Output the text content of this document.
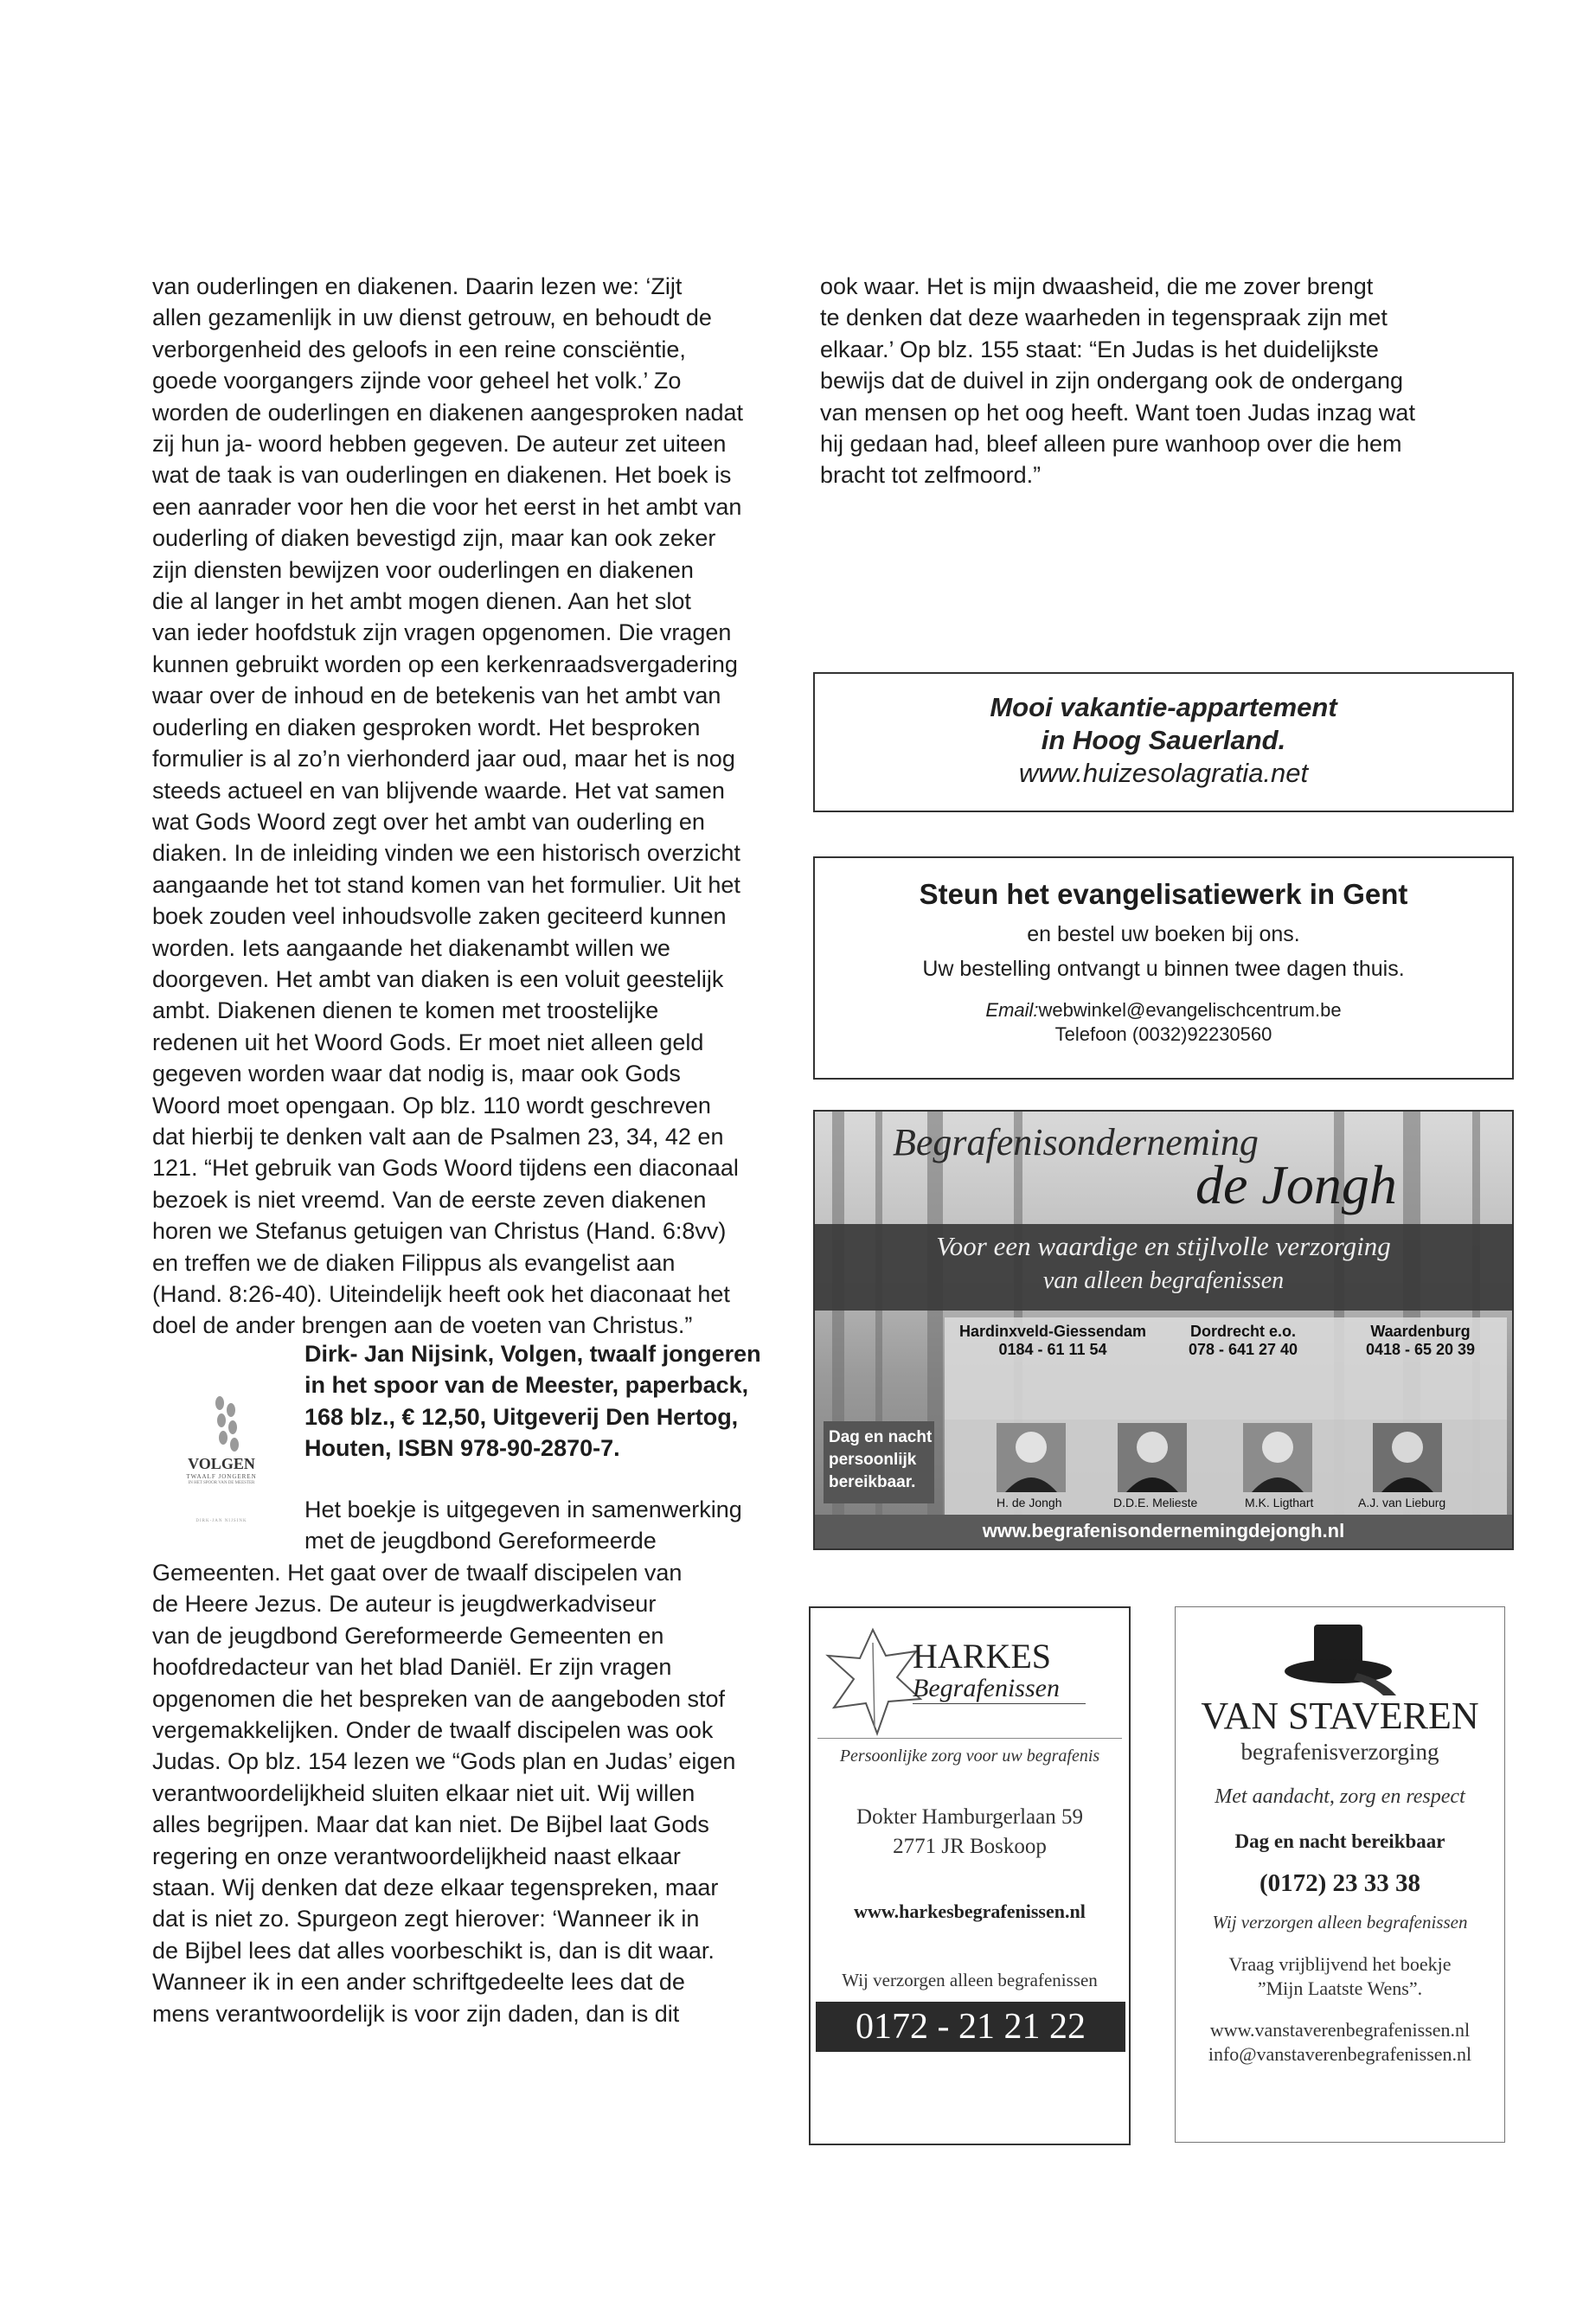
van ouderlingen en diakenen. Daarin lezen we: ‘Zijt
allen gezamenlijk in uw dienst getrouw, en behoudt de
verborgenheid des geloofs in een reine consciëntie,
goede voorgangers zijnde voor geheel het volk.’ Zo
worden de ouderlingen en diakenen aangesproken nadat
zij hun ja- woord hebben gegeven. De auteur zet uiteen
wat de taak is van ouderlingen en diakenen. Het boek is
een aanrader voor hen die voor het eerst in het ambt van
ouderling of diaken bevestigd zijn, maar kan ook zeker
zijn diensten bewijzen voor ouderlingen en diakenen
die al langer in het ambt mogen dienen. Aan het slot
van ieder hoofdstuk zijn vragen opgenomen. Die vragen
kunnen gebruikt worden op een kerkenraadsvergadering
waar over de inhoud en de betekenis van het ambt van
ouderling en diaken gesproken wordt. Het besproken
formulier is al zo’n vierhonderd jaar oud, maar het is nog
steeds actueel en van blijvende waarde. Het vat samen
wat Gods Woord zegt over het ambt van ouderling en
diaken. In de inleiding vinden we een historisch overzicht
aangaande het tot stand komen van het formulier. Uit het
boek zouden veel inhoudsvolle zaken geciteerd kunnen
worden. Iets aangaande het diakenambt willen we
doorgeven. Het ambt van diaken is een voluit geestelijk
ambt. Diakenen dienen te komen met troostelijke
redenen uit het Woord Gods. Er moet niet alleen geld
gegeven worden waar dat nodig is, maar ook Gods
Woord moet opengaan. Op blz. 110 wordt geschreven
dat hierbij te denken valt aan de Psalmen 23, 34, 42 en
121. “Het gebruik van Gods Woord tijdens een diaconaal
bezoek is niet vreemd. Van de eerste zeven diakenen
horen we Stefanus getuigen van Christus (Hand. 6:8vv)
en treffen we de diaken Filippus als evangelist aan
(Hand. 8:26-40). Uiteindelijk heeft ook het diaconaat het
doel de ander brengen aan de voeten van Christus.”

VOLGEN
TWAALF JONGEREN
IN HET SPOOR VAN DE MEESTER
DIRK-JAN NIJSINK
Dirk- Jan Nijsink, Volgen, twaalf jongeren
in het spoor van de Meester, paperback,
168 blz., € 12,50, Uitgeverij Den Hertog,
Houten, ISBN 978-90-2870-7.
Het boekje is uitgegeven in samenwerking
met de jeugdbond Gereformeerde
Gemeenten. Het gaat over de twaalf discipelen van
de Heere Jezus. De auteur is jeugdwerkadviseur
van de jeugdbond Gereformeerde Gemeenten en
hoofdredacteur van het blad Daniël. Er zijn vragen
opgenomen die het bespreken van de aangeboden stof
vergemakkelijken. Onder de twaalf discipelen was ook
Judas. Op blz. 154 lezen we “Gods plan en Judas’ eigen
verantwoordelijkheid sluiten elkaar niet uit. Wij willen
alles begrijpen. Maar dat kan niet. De Bijbel laat Gods
regering en onze verantwoordelijkheid naast elkaar
staan. Wij denken dat deze elkaar tegenspreken, maar
dat is niet zo. Spurgeon zegt hierover: ‘Wanneer ik in
de Bijbel lees dat alles voorbeschikt is, dan is dit waar.
Wanneer ik in een ander schriftgedeelte lees dat de
mens verantwoordelijk is voor zijn daden, dan is dit

ook waar. Het is mijn dwaasheid, die me zover brengt
te denken dat deze waarheden in tegenspraak zijn met
elkaar.’ Op blz. 155 staat: “En Judas is het duidelijkste
bewijs dat de duivel in zijn ondergang ook de ondergang
van mensen op het oog heeft. Want toen Judas inzag wat
hij gedaan had, bleef alleen pure wanhoop over die hem
bracht tot zelfmoord.”

Mooi vakantie-appartement
in Hoog Sauerland.
www.huizesolagratia.net
Steun het evangelisatiewerk in Gent
en bestel uw boeken bij ons.
Uw bestelling ontvangt u binnen twee dagen thuis.
Email:webwinkel@evangelischcentrum.be
Telefoon (0032)92230560
Begrafenisonderneming
de Jongh
Voor een waardige en stijlvolle verzorging
van alleen begrafenissen
Hardinxveld-Giessendam
0184 - 61 11 54
Dordrecht e.o.
078 - 641 27 40
Waardenburg
0418 - 65 20 39
Dag en nacht
persoonlijk
bereikbaar.
H. de Jongh	D.D.E. Melieste	M.K. Ligthart	A.J. van Lieburg
www.begrafenisondernemingdejongh.nl
HARKES
Begrafenissen
Persoonlijke zorg voor uw begrafenis
Dokter Hamburgerlaan 59
2771 JR Boskoop
www.harkesbegrafenissen.nl
Wij verzorgen alleen begrafenissen
0172 - 21 21 22
VAN STAVEREN
begrafenisverzorging
Met aandacht, zorg en respect
Dag en nacht bereikbaar
(0172) 23 33 38
Wij verzorgen alleen begrafenissen
Vraag vrijblijvend het boekje
”Mijn Laatste Wens”.
www.vanstaverenbegrafenissen.nl
info@vanstaverenbegrafenissen.nl
